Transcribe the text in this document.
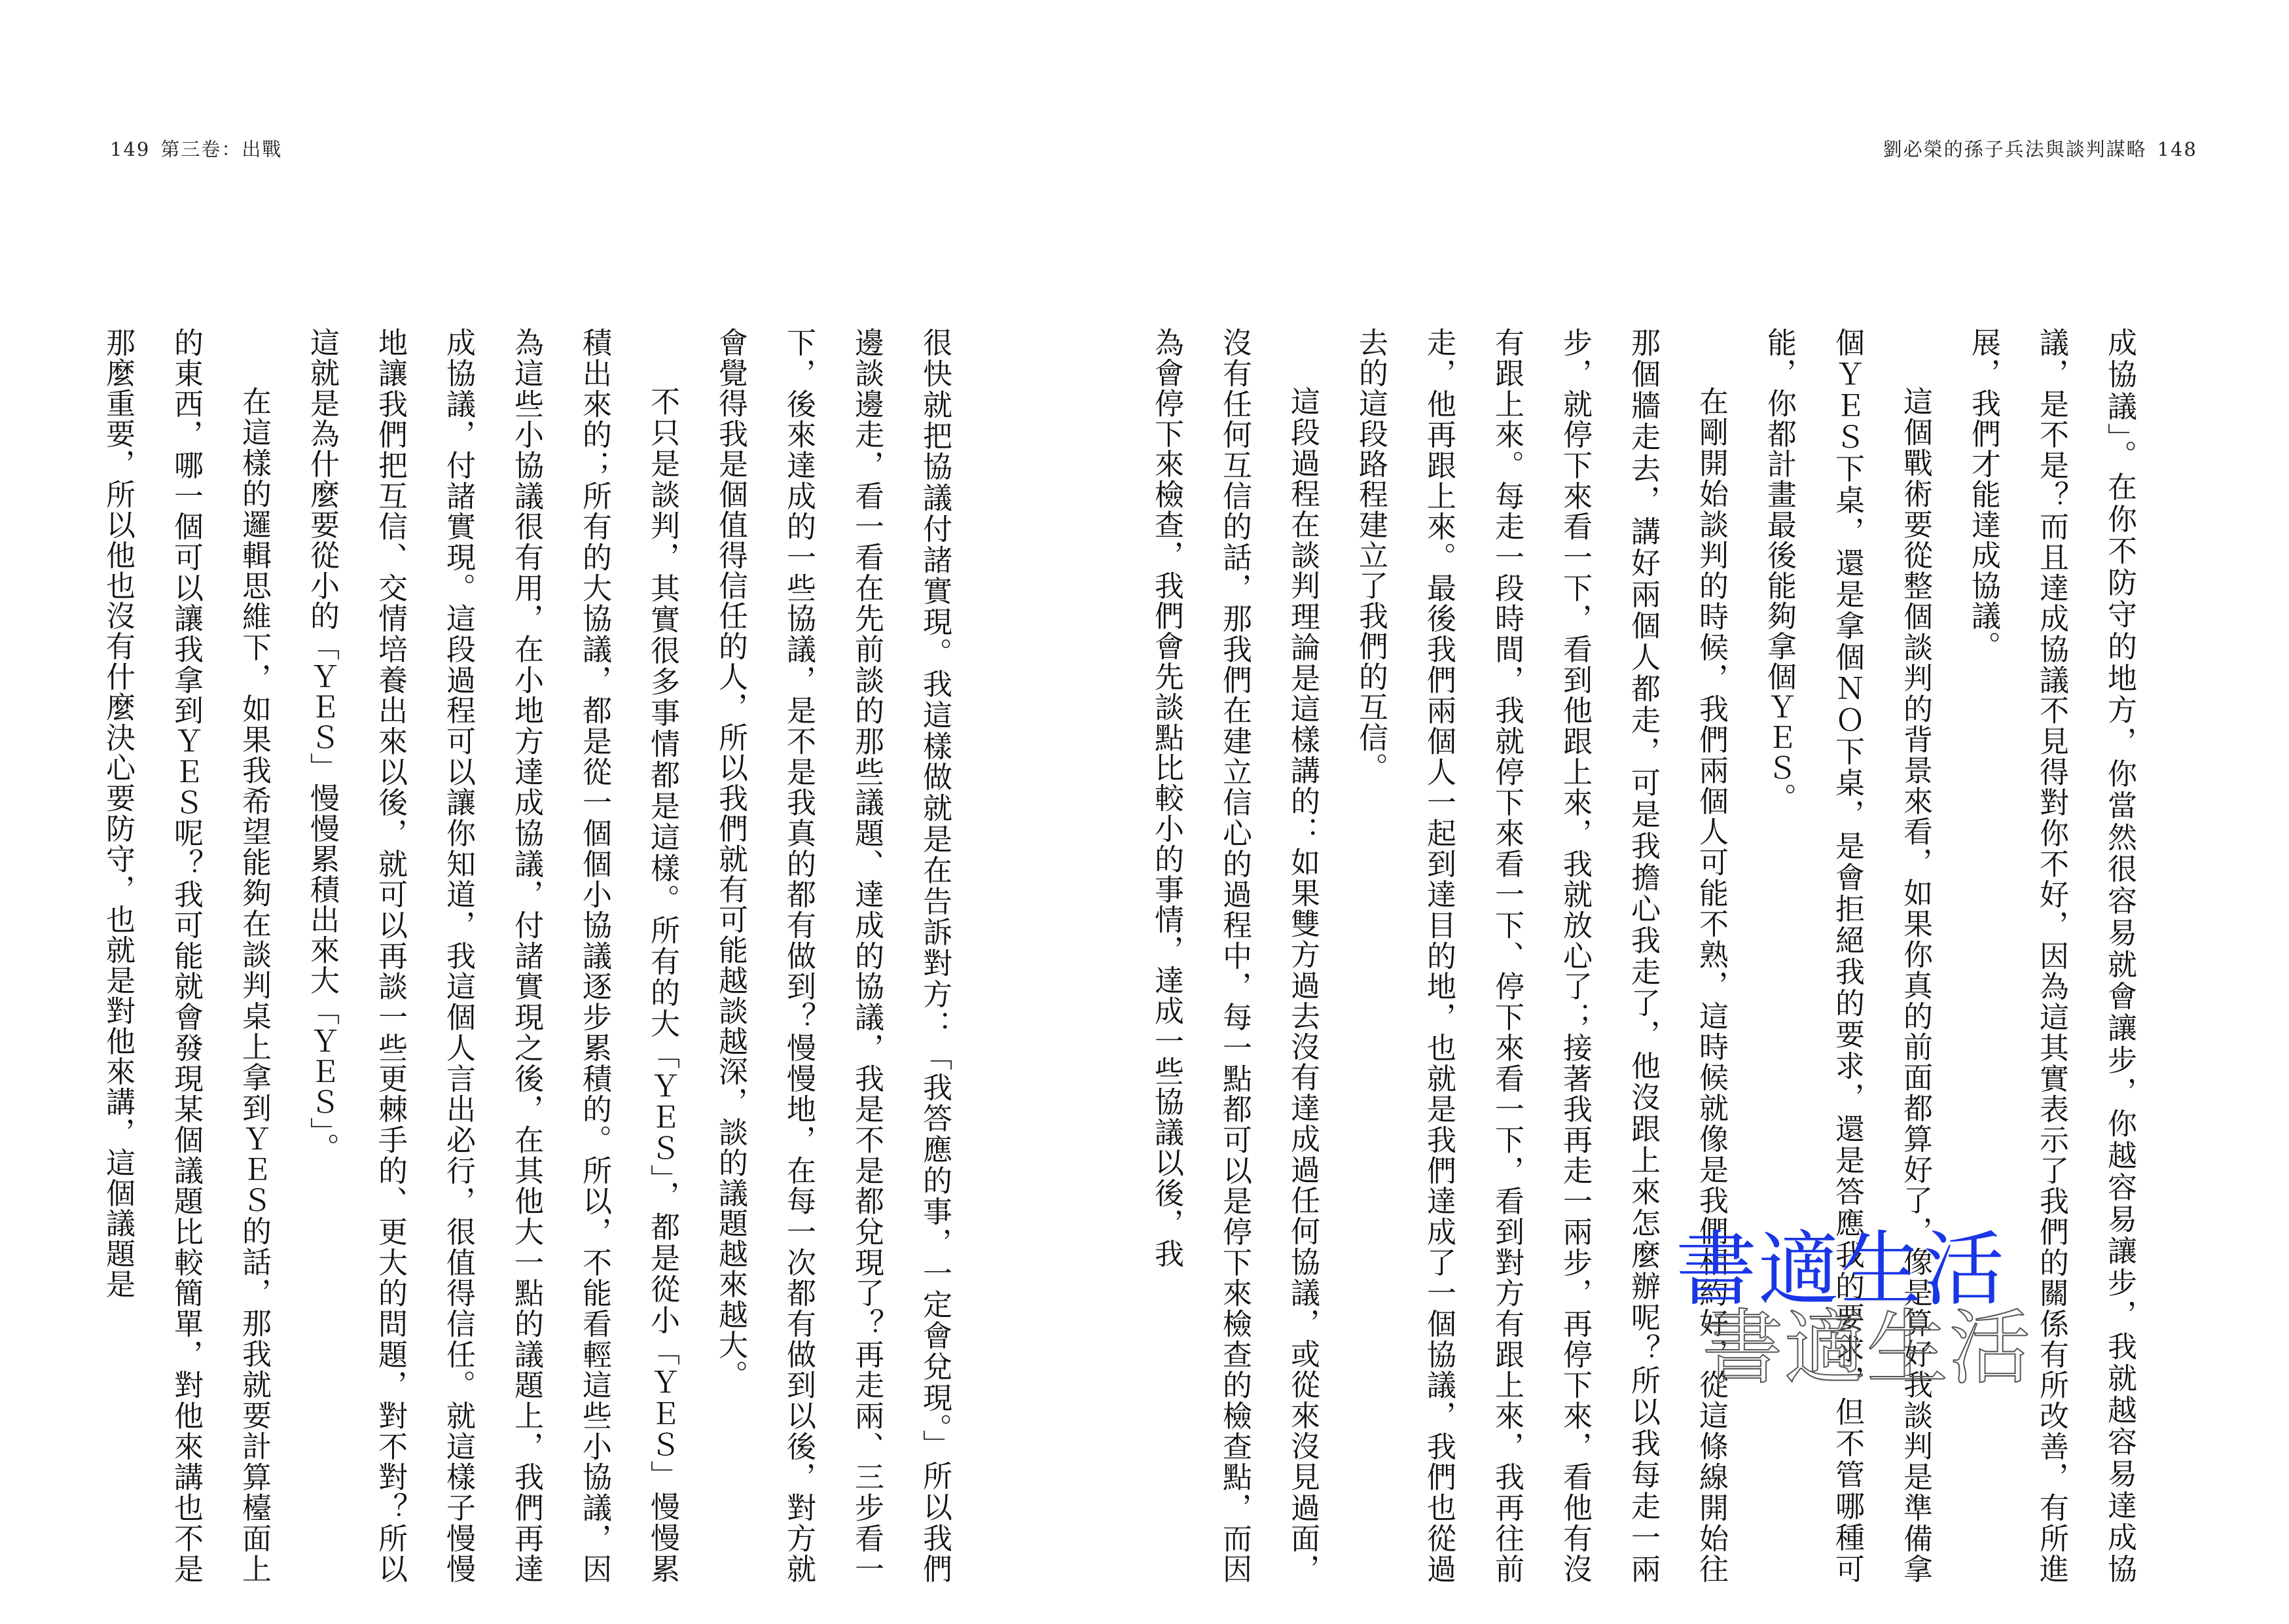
149 第三卷：出戰	劉必榮的孫子兵法與談判謀略 148

成協議」。在你不防守的地方，你當然很容易就會讓步，你越容易讓步，我就越容易達成協議，是不是？而且達成協議不見得對你不好，因為這其實表示了我們的關係有所改善，有所進展，我們才能達成協議。

這個戰術要從整個談判的背景來看，如果你真的前面都算好了，像是算好我談判是準備拿個ＹＥＳ下桌，還是拿個ＮＯ下桌，是會拒絕我的要求，還是答應我的要求，但不管哪種可能，你都計畫最後能夠拿個ＹＥＳ。

在剛開始談判的時候，我們兩個人可能不熟，這時候就像是我們相約好，從這條線開始往那個牆走去，講好兩個人都走，可是我擔心我走了，他沒跟上來怎麼辦呢？所以我每走一兩步，就停下來看一下，看到他跟上來，我就放心了；接著我再走一兩步，再停下來，看他有沒有跟上來。每走一段時間，我就停下來看一下、停下來看一下，看到對方有跟上來，我再往前走，他再跟上來。最後我們兩個人一起到達目的地，也就是我們達成了一個協議，我們也從過去的這段路程建立了我們的互信。

這段過程在談判理論是這樣講的：如果雙方過去沒有達成過任何協議，或從來沒見過面，沒有任何互信的話，那我們在建立信心的過程中，每一點都可以是停下來檢查的檢查點，而因為會停下來檢查，我們會先談點比較小的事情，達成一些協議以後，我

很快就把協議付諸實現。我這樣做就是在告訴對方：「我答應的事，一定會兌現。」所以我們邊談邊走，看一看在先前談的那些議題、達成的協議，我是不是都兌現了？再走兩、三步看一下，後來達成的一些協議，是不是我真的都有做到？慢慢地，在每一次都有做到以後，對方就會覺得我是個值得信任的人，所以我們就有可能越談越深，談的議題越來越大。

不只是談判，其實很多事情都是這樣。所有的大「ＹＥＳ」，都是從小「ＹＥＳ」慢慢累積出來的；所有的大協議，都是從一個個小協議逐步累積的。所以，不能看輕這些小協議，因為這些小協議很有用，在小地方達成協議，付諸實現之後，在其他大一點的議題上，我們再達成協議，付諸實現。這段過程可以讓你知道，我這個人言出必行，很值得信任。就這樣子慢慢地讓我們把互信、交情培養出來以後，就可以再談一些更棘手的、更大的問題，對不對？所以這就是為什麼要從小的「ＹＥＳ」慢慢累積出來大「ＹＥＳ」。

在這樣的邏輯思維下，如果我希望能夠在談判桌上拿到ＹＥＳ的話，那我就要計算檯面上的東西，哪一個可以讓我拿到ＹＥＳ呢？我可能就會發現某個議題比較簡單，對他來講也不是那麼重要，所以他也沒有什麼決心要防守，也就是對他來講，這個議題是

書適生活
書適生活
